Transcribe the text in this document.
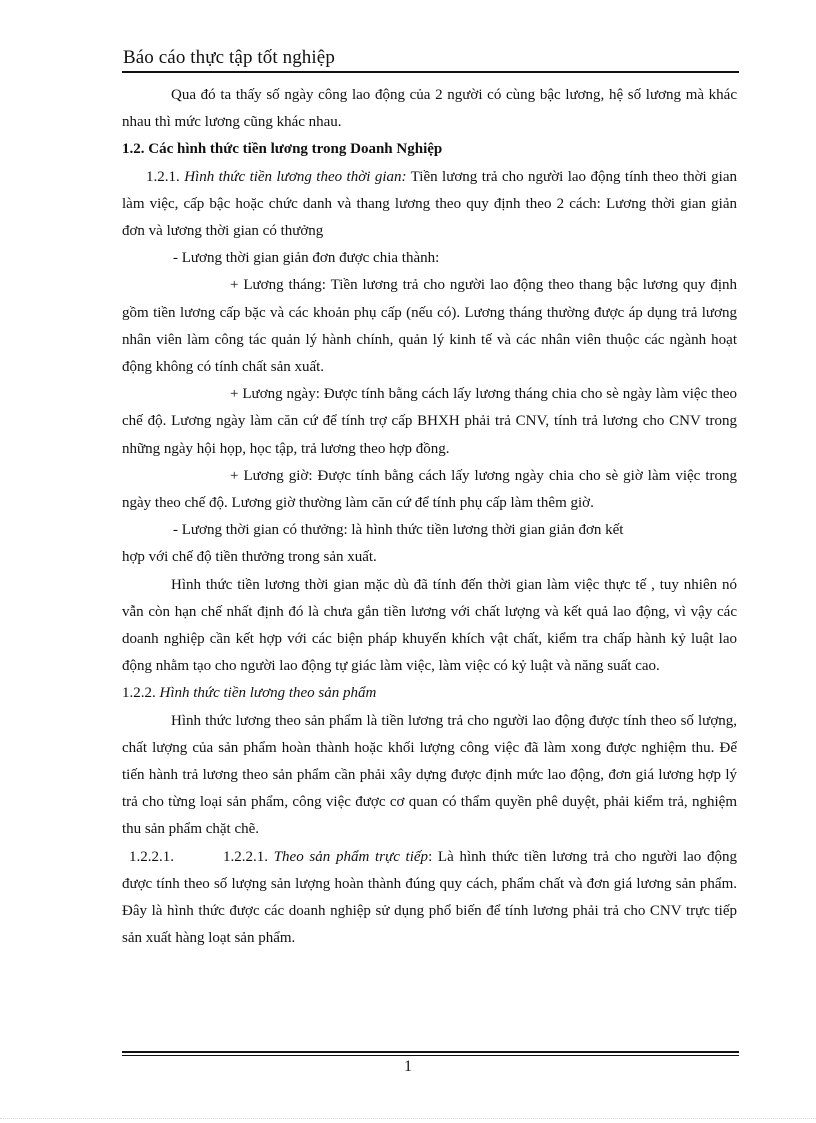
Báo cáo thực tập tốt nghiệp

Qua đó ta thấy số ngày công lao động của 2 người có cùng bậc lương, hệ số lương mà khác nhau thì mức lương cũng khác nhau.

1.2. Các hình thức tiền lương trong Doanh Nghiệp

1.2.1. Hình thức tiền lương theo thời gian: Tiền lương trả cho người lao động tính theo thời gian làm việc, cấp bậc hoặc chức danh và thang lương theo quy định theo 2 cách: Lương thời gian giản đơn và lương thời gian có thưởng

- Lương thời gian giản đơn được chia thành:

+ Lương tháng: Tiền lương trả cho người lao động theo thang bậc lương quy định gồm tiền lương cấp bặc và các khoản phụ cấp (nếu có). Lương tháng thường được áp dụng trả lương nhân viên làm công tác quản lý hành chính, quản lý kinh tế và các nhân viên thuộc các ngành hoạt động không có tính chất sản xuất.

+ Lương ngày: Được tính bằng cách lấy lương tháng chia cho sè ngày làm việc theo chế độ. Lương ngày làm căn cứ để tính trợ cấp BHXH phải trả CNV, tính trả lương cho CNV trong những ngày hội họp, học tập, trả lương theo hợp đồng.

+ Lương giờ: Được tính bằng cách lấy lương ngày chia cho sè giờ làm việc trong ngày theo chế độ. Lương giờ thường làm căn cứ để tính phụ cấp làm thêm giờ.

- Lương thời gian có thưởng: là hình thức tiền lương thời gian giản đơn kết

hợp với chế độ tiền thưởng trong sản xuất.

Hình thức tiền lương thời gian mặc dù đã tính đến thời gian làm việc thực tế , tuy nhiên nó vẫn còn hạn chế nhất định đó là chưa gắn tiền lương với chất lượng và kết quả lao động, vì vậy các doanh nghiệp cần kết hợp với các biện pháp khuyến khích vật chất, kiểm tra chấp hành kỷ luật lao động nhằm tạo cho người lao động tự giác làm việc, làm việc có kỷ luật và năng suất cao.

1.2.2. Hình thức tiền lương theo sản phẩm

Hình thức lương theo sản phẩm là tiền lương trả cho người lao động được tính theo số lượng, chất lượng của sản phẩm hoàn thành hoặc khối lượng công việc đã làm xong được nghiệm thu. Để tiến hành trả lương theo sản phẩm cần phải xây dựng được định mức lao động, đơn giá lương hợp lý trả cho từng loại sản phẩm, công việc được cơ quan có thẩm quyền phê duyệt, phải kiểm trả, nghiệm thu sản phẩm chặt chẽ.

1.2.2.1.	1.2.2.1. Theo sản phẩm trực tiếp: Là hình thức tiền lương trả cho người lao động được tính theo số lượng sản lượng hoàn thành đúng quy cách, phẩm chất và đơn giá lương sản phẩm. Đây là hình thức được các doanh nghiệp sử dụng phổ biến để tính lương phải trả cho CNV trực tiếp sản xuất hàng loạt sản phẩm.

1
